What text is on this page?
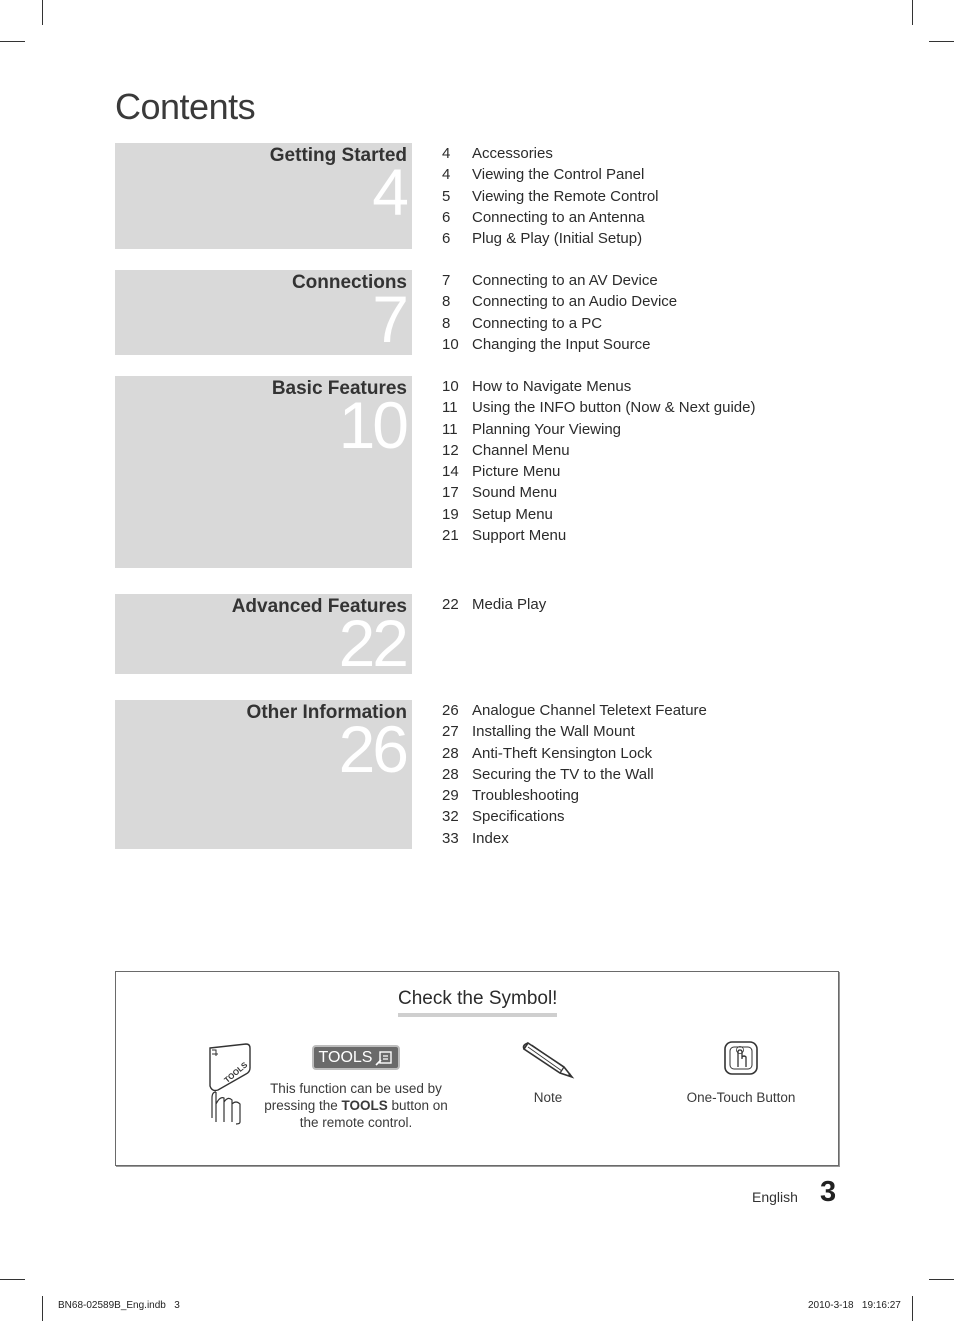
Contents
Getting Started
4
4	Accessories
4	Viewing the Control Panel
5	Viewing the Remote Control
6	Connecting to an Antenna
6	Plug & Play (Initial Setup)
Connections
7
7	Connecting to an AV Device
8	Connecting to an Audio Device
8	Connecting to a PC
10 Changing the Input Source
Basic Features
10
10 How to Navigate Menus
11 Using the INFO button (Now & Next guide)
11 Planning Your Viewing
12 Channel Menu
14 Picture Menu
17 Sound Menu
19 Setup Menu
21 Support Menu
Advanced Features
22
22 Media Play
Other Information
26
26 Analogue Channel Teletext Feature
27 Installing the Wall Mount
28 Anti-Theft Kensington Lock
28 Securing the TV to the Wall
29 Troubleshooting
32 Specifications
33 Index
Check the Symbol!
TOOLS
TOOLS
This function can be used by
pressing the TOOLS button on
the remote control.
Note	One-Touch Button
English 3
BN68-02589B_Eng.indb   3	2010-3-18   19:16:27
